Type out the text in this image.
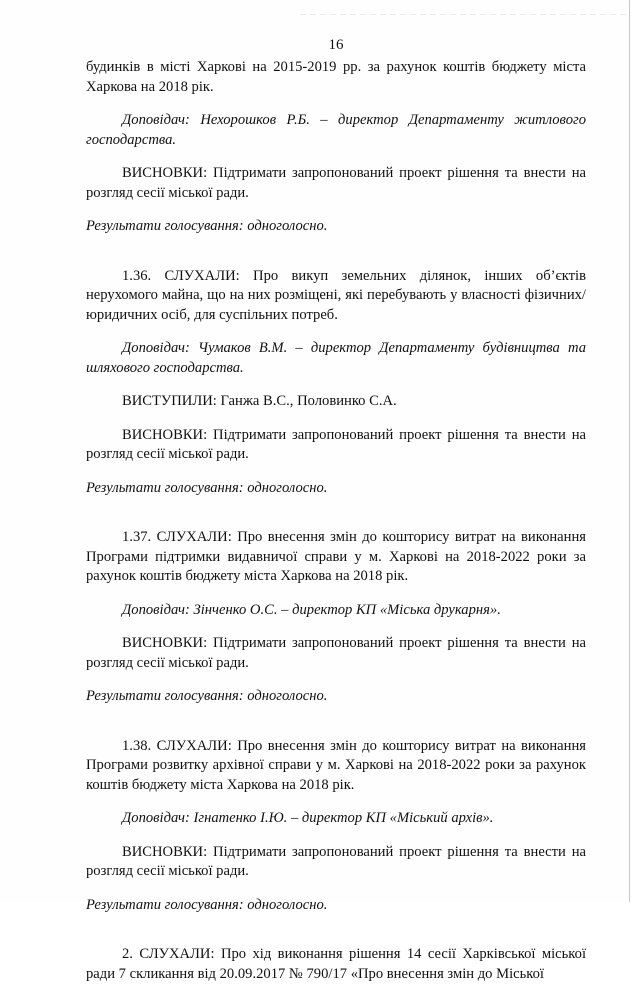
16

будинків в місті Харкові на 2015-2019 рр. за рахунок коштів бюджету міста Харкова на 2018 рік.

Доповідач: Нехорошков Р.Б. – директор Департаменту житлового господарства.

ВИСНОВКИ: Підтримати запропонований проект рішення та внести на розгляд сесії міської ради.

Результати голосування: одноголосно.

1.36. СЛУХАЛИ: Про викуп земельних ділянок, інших об’єктів нерухомого майна, що на них розміщені, які перебувають у власності фізичних/юридичних осіб, для суспільних потреб.

Доповідач: Чумаков В.М. – директор Департаменту будівництва та шляхового господарства.

ВИСТУПИЛИ: Ганжа В.С., Половинко С.А.

ВИСНОВКИ: Підтримати запропонований проект рішення та внести на розгляд сесії міської ради.

Результати голосування: одноголосно.

1.37. СЛУХАЛИ: Про внесення змін до кошторису витрат на виконання Програми підтримки видавничої справи у м. Харкові на 2018-2022 роки за рахунок коштів бюджету міста Харкова на 2018 рік.

Доповідач: Зінченко О.С. – директор КП «Міська друкарня».

ВИСНОВКИ: Підтримати запропонований проект рішення та внести на розгляд сесії міської ради.

Результати голосування: одноголосно.

1.38. СЛУХАЛИ: Про внесення змін до кошторису витрат на виконання Програми розвитку архівної справи у м. Харкові на 2018-2022 роки за рахунок коштів бюджету міста Харкова на 2018 рік.

Доповідач: Ігнатенко І.Ю. – директор КП «Міський архів».

ВИСНОВКИ: Підтримати запропонований проект рішення та внести на розгляд сесії міської ради.

Результати голосування: одноголосно.

2. СЛУХАЛИ: Про хід виконання рішення 14 сесії Харківської міської ради 7 скликання від 20.09.2017 № 790/17 «Про внесення змін до Міської
